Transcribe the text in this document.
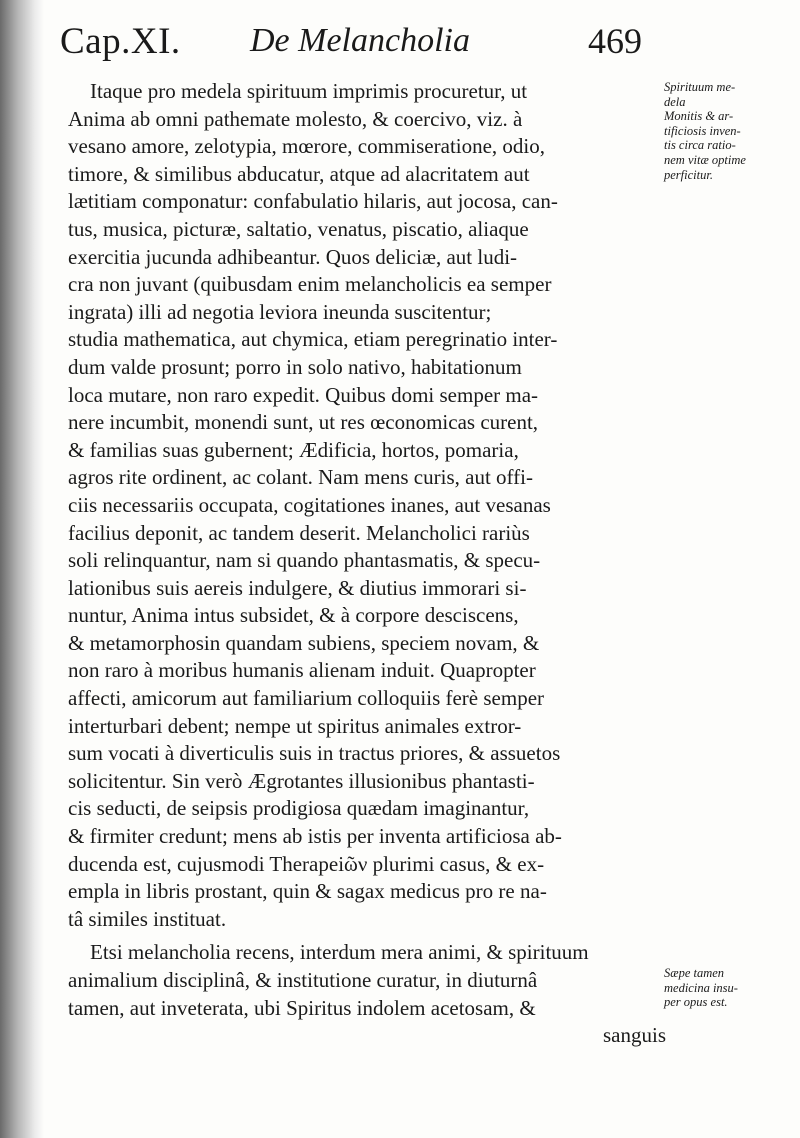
Cap.XI. De Melancholia	469
Itaque pro medela spirituum imprimis procuretur, ut
Anima ab omni pathemate molesto, & coercivo, viz. à
vesano amore, zelotypia, mœrore, commiseratione, odio,
timore, & similibus abducatur, atque ad alacritatem aut
lætitiam componatur: confabulatio hilaris, aut jocosa, can-
tus, musica, picturæ, saltatio, venatus, piscatio, aliaque
exercitia jucunda adhibeantur. Quos deliciæ, aut ludi-
cra non juvant (quibusdam enim melancholicis ea semper
ingrata) illi ad negotia leviora ineunda suscitentur;
studia mathematica, aut chymica, etiam peregrinatio inter-
dum valde prosunt; porro in solo nativo, habitationum
loca mutare, non raro expedit. Quibus domi semper ma-
nere incumbit, monendi sunt, ut res œconomicas curent,
& familias suas gubernent; Ædificia, hortos, pomaria,
agros rite ordinent, ac colant. Nam mens curis, aut offi-
ciis necessariis occupata, cogitationes inanes, aut vesanas
facilius deponit, ac tandem deserit. Melancholici rariùs
soli relinquantur, nam si quando phantasmatis, & specu-
lationibus suis aereis indulgere, & diutius immorari si-
nuntur, Anima intus subsidet, & à corpore desciscens,
& metamorphosin quandam subiens, speciem novam, &
non raro à moribus humanis alienam induit. Quapropter
affecti, amicorum aut familiarium colloquiis ferè semper
interturbari debent; nempe ut spiritus animales extror-
sum vocati à diverticulis suis in tractus priores, & assuetos
solicitentur. Sin verò Ægrotantes illusionibus phantasti-
cis seducti, de seipsis prodigiosa quædam imaginantur,
& firmiter credunt; mens ab istis per inventa artificiosa ab-
ducenda est, cujusmodi Therapeiῶν plurimi casus, & ex-
empla in libris prostant, quin & sagax medicus pro re na-
tâ similes instituat.
Etsi melancholia recens, interdum mera animi, & spirituum
animalium disciplinâ, & institutione curatur, in diuturnâ
tamen, aut inveterata, ubi Spiritus indolem acetosam, &
sanguis
Spirituum me-
dela
Monitis & ar-
tificiosis inven-
tis circa ratio-
nem vitæ optime
perficitur.
Sæpe tamen
medicina insu-
per opus est.
